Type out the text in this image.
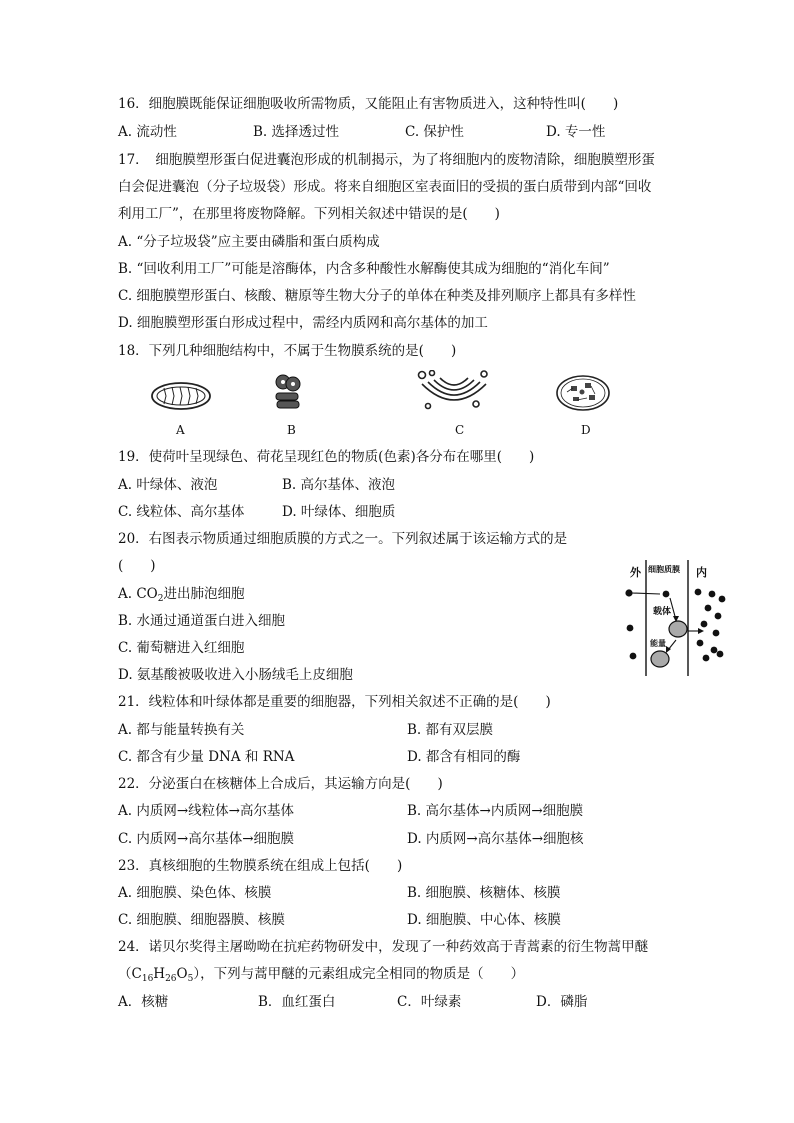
16．细胞膜既能保证细胞吸收所需物质，又能阻止有害物质进入，这种特性叫(　　)
A. 流动性	B. 选择透过性	C. 保护性	D. 专一性
17．　细胞膜塑形蛋白促进囊泡形成的机制揭示，为了将细胞内的废物清除，细胞膜塑形蛋
白会促进囊泡（分子垃圾袋）形成。将来自细胞区室表面旧的受损的蛋白质带到内部“回收
利用工厂”，在那里将废物降解。下列相关叙述中错误的是(　　)
A. “分子垃圾袋”应主要由磷脂和蛋白质构成
B. “回收利用工厂”可能是溶酶体，内含多种酸性水解酶使其成为细胞的“消化车间”
C. 细胞膜塑形蛋白、核酸、糖原等生物大分子的单体在种类及排列顺序上都具有多样性
D. 细胞膜塑形蛋白形成过程中，需经内质网和高尔基体的加工
18．下列几种细胞结构中，不属于生物膜系统的是(　　)
A	B	C	D
19．使荷叶呈现绿色、荷花呈现红色的物质(色素)各分布在哪里(　　)
A. 叶绿体、液泡	B. 高尔基体、液泡
C. 线粒体、高尔基体	D. 叶绿体、细胞质
20．右图表示物质通过细胞质膜的方式之一。下列叙述属于该运输方式的是
(　　)
A. $CO_2$进出肺泡细胞
B. 水通过通道蛋白进入细胞
C. 葡萄糖进入红细胞
D. 氨基酸被吸收进入小肠绒毛上皮细胞
外 细胞质膜 内
载体
能量
21．线粒体和叶绿体都是重要的细胞器，下列相关叙述不正确的是(　　)
A. 都与能量转换有关	B. 都有双层膜
C. 都含有少量 DNA 和 RNA	D. 都含有相同的酶
22．分泌蛋白在核糖体上合成后，其运输方向是(　　)
A. 内质网→线粒体→高尔基体	B. 高尔基体→内质网→细胞膜
C. 内质网→高尔基体→细胞膜	D. 内质网→高尔基体→细胞核
23．真核细胞的生物膜系统在组成上包括(　　)
A. 细胞膜、染色体、核膜	B. 细胞膜、核糖体、核膜
C. 细胞膜、细胞器膜、核膜	D. 细胞膜、中心体、核膜
24．诺贝尔奖得主屠呦呦在抗疟药物研发中，发现了一种药效高于青蒿素的衍生物蒿甲醚
$(C_{16}H_{26}O_5)$，下列与蒿甲醚的元素组成完全相同的物质是（　　）
A．核糖	B．血红蛋白	C．叶绿素	D．磷脂
